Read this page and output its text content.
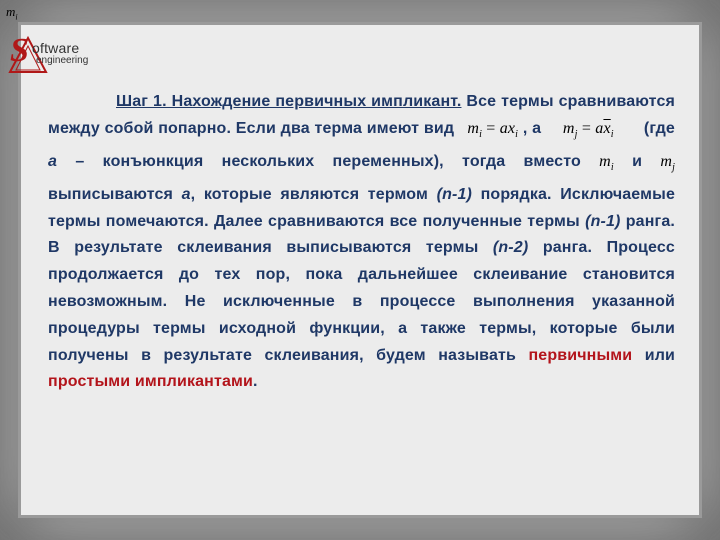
$m_i$
S oftware
engineering

Шаг 1. Нахождение первичных импликант. Все термы сравниваются между собой попарно. Если два терма имеют вид   $m_i = ax_i$ , а     $m_j = a\overline{x}_i$       (где а – конъюнкция нескольких переменных), тогда вместо $m_i$ и $m_j$ выписываются а, которые являются термом (n-1) порядка. Исключаемые термы помечаются. Далее сравниваются все полученные термы (n-1) ранга. В результате склеивания выписываются термы (n-2) ранга. Процесс продолжается до тех пор, пока дальнейшее склеивание становится невозможным. Не исключенные в процессе выполнения указанной процедуры термы исходной функции, а также термы, которые были получены в результате склеивания, будем называть первичными или простыми импликантами.
